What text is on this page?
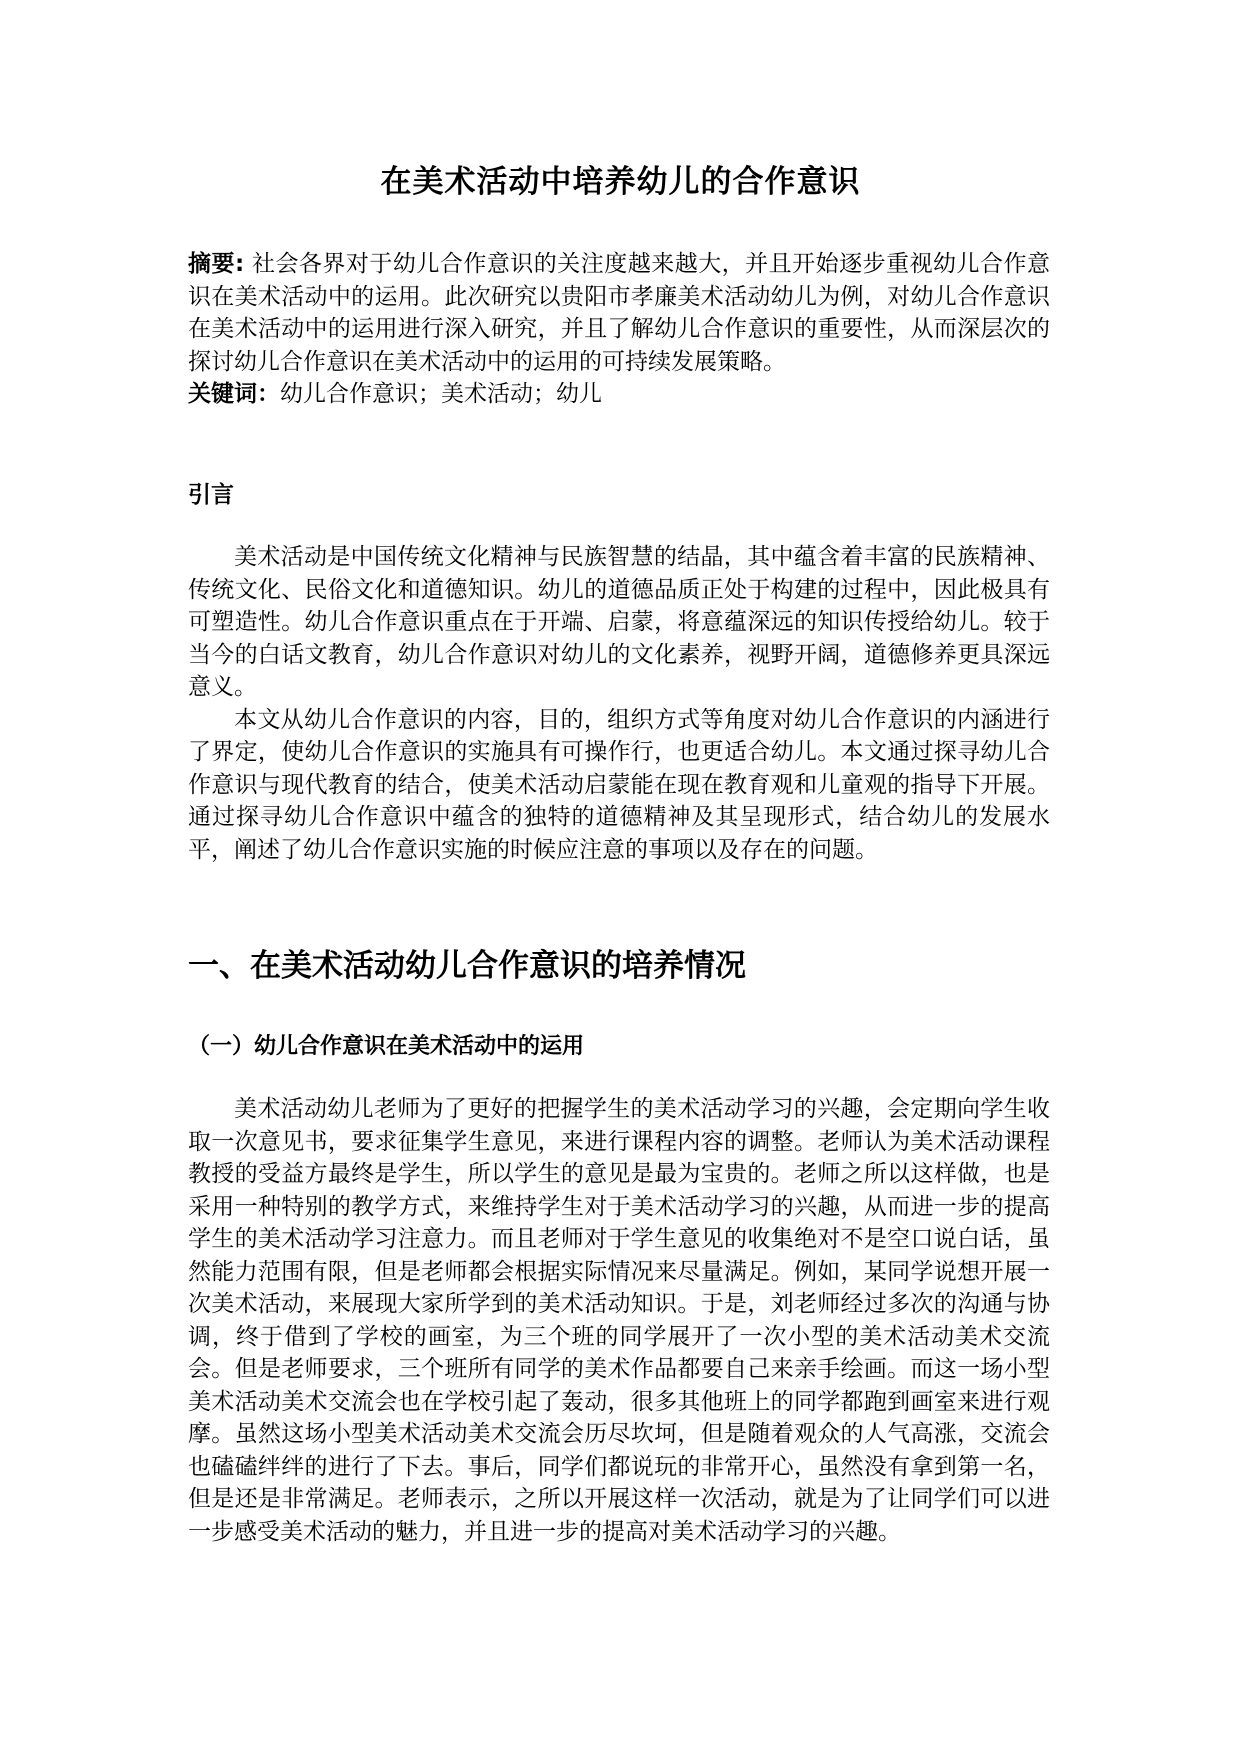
在美术活动中培养幼儿的合作意识
摘要: 社会各界对于幼儿合作意识的关注度越来越大，并且开始逐步重视幼儿合作意识在美术活动中的运用。此次研究以贵阳市孝廉美术活动幼儿为例，对幼儿合作意识在美术活动中的运用进行深入研究，并且了解幼儿合作意识的重要性，从而深层次的探讨幼儿合作意识在美术活动中的运用的可持续发展策略。
关键词：幼儿合作意识；美术活动；幼儿
引言

美术活动是中国传统文化精神与民族智慧的结晶，其中蕴含着丰富的民族精神、传统文化、民俗文化和道德知识。幼儿的道德品质正处于构建的过程中，因此极具有可塑造性。幼儿合作意识重点在于开端、启蒙，将意蕴深远的知识传授给幼儿。较于当今的白话文教育，幼儿合作意识对幼儿的文化素养，视野开阔，道德修养更具深远意义。

本文从幼儿合作意识的内容，目的，组织方式等角度对幼儿合作意识的内涵进行了界定，使幼儿合作意识的实施具有可操作行，也更适合幼儿。本文通过探寻幼儿合作意识与现代教育的结合，使美术活动启蒙能在现在教育观和儿童观的指导下开展。通过探寻幼儿合作意识中蕴含的独特的道德精神及其呈现形式，结合幼儿的发展水平，阐述了幼儿合作意识实施的时候应注意的事项以及存在的问题。

一、在美术活动幼儿合作意识的培养情况
（一）幼儿合作意识在美术活动中的运用

美术活动幼儿老师为了更好的把握学生的美术活动学习的兴趣，会定期向学生收取一次意见书，要求征集学生意见，来进行课程内容的调整。老师认为美术活动课程教授的受益方最终是学生，所以学生的意见是最为宝贵的。老师之所以这样做，也是采用一种特别的教学方式，来维持学生对于美术活动学习的兴趣，从而进一步的提高学生的美术活动学习注意力。而且老师对于学生意见的收集绝对不是空口说白话，虽然能力范围有限，但是老师都会根据实际情况来尽量满足。例如，某同学说想开展一次美术活动，来展现大家所学到的美术活动知识。于是，刘老师经过多次的沟通与协调，终于借到了学校的画室，为三个班的同学展开了一次小型的美术活动美术交流会。但是老师要求，三个班所有同学的美术作品都要自己来亲手绘画。而这一场小型美术活动美术交流会也在学校引起了轰动，很多其他班上的同学都跑到画室来进行观摩。虽然这场小型美术活动美术交流会历尽坎坷，但是随着观众的人气高涨，交流会也磕磕绊绊的进行了下去。事后，同学们都说玩的非常开心，虽然没有拿到第一名，但是还是非常满足。老师表示，之所以开展这样一次活动，就是为了让同学们可以进一步感受美术活动的魅力，并且进一步的提高对美术活动学习的兴趣。
